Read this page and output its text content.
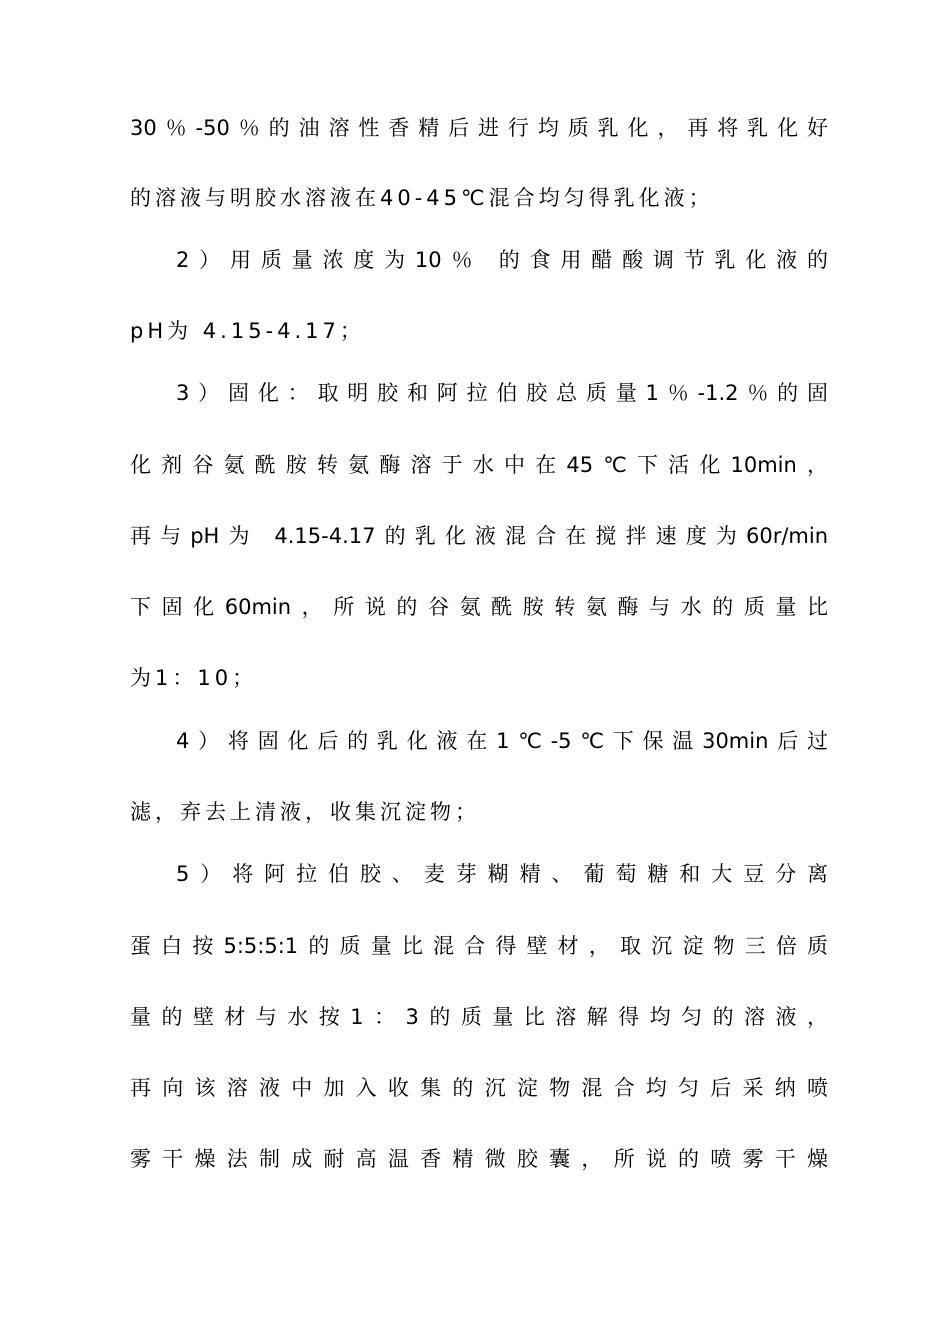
30％-50％的油溶性香精后进行均质乳化，再将乳化好
的溶液与明胶水溶液在40-45℃混合均匀得乳化液；
2）用质量浓度为10％ 的食用醋酸调节乳化液的
pH为 4.15-4.17；
3）固化：取明胶和阿拉伯胶总质量1％-1.2％的固
化剂谷氨酰胺转氨酶溶于水中在45℃下活化10min，
再与pH为 4.15-4.17的乳化液混合在搅拌速度为60r/min
下固化60min，所说的谷氨酰胺转氨酶与水的质量比
为1：10；
4）将固化后的乳化液在1℃-5℃下保温30min后过
滤，弃去上清液，收集沉淀物；
5）将阿拉伯胶、麦芽糊精、葡萄糖和大豆分离
蛋白按5:5:5:1的质量比混合得壁材，取沉淀物三倍质
量的壁材与水按1：3的质量比溶解得均匀的溶液，
再向该溶液中加入收集的沉淀物混合均匀后采纳喷
雾干燥法制成耐高温香精微胶囊，所说的喷雾干燥
